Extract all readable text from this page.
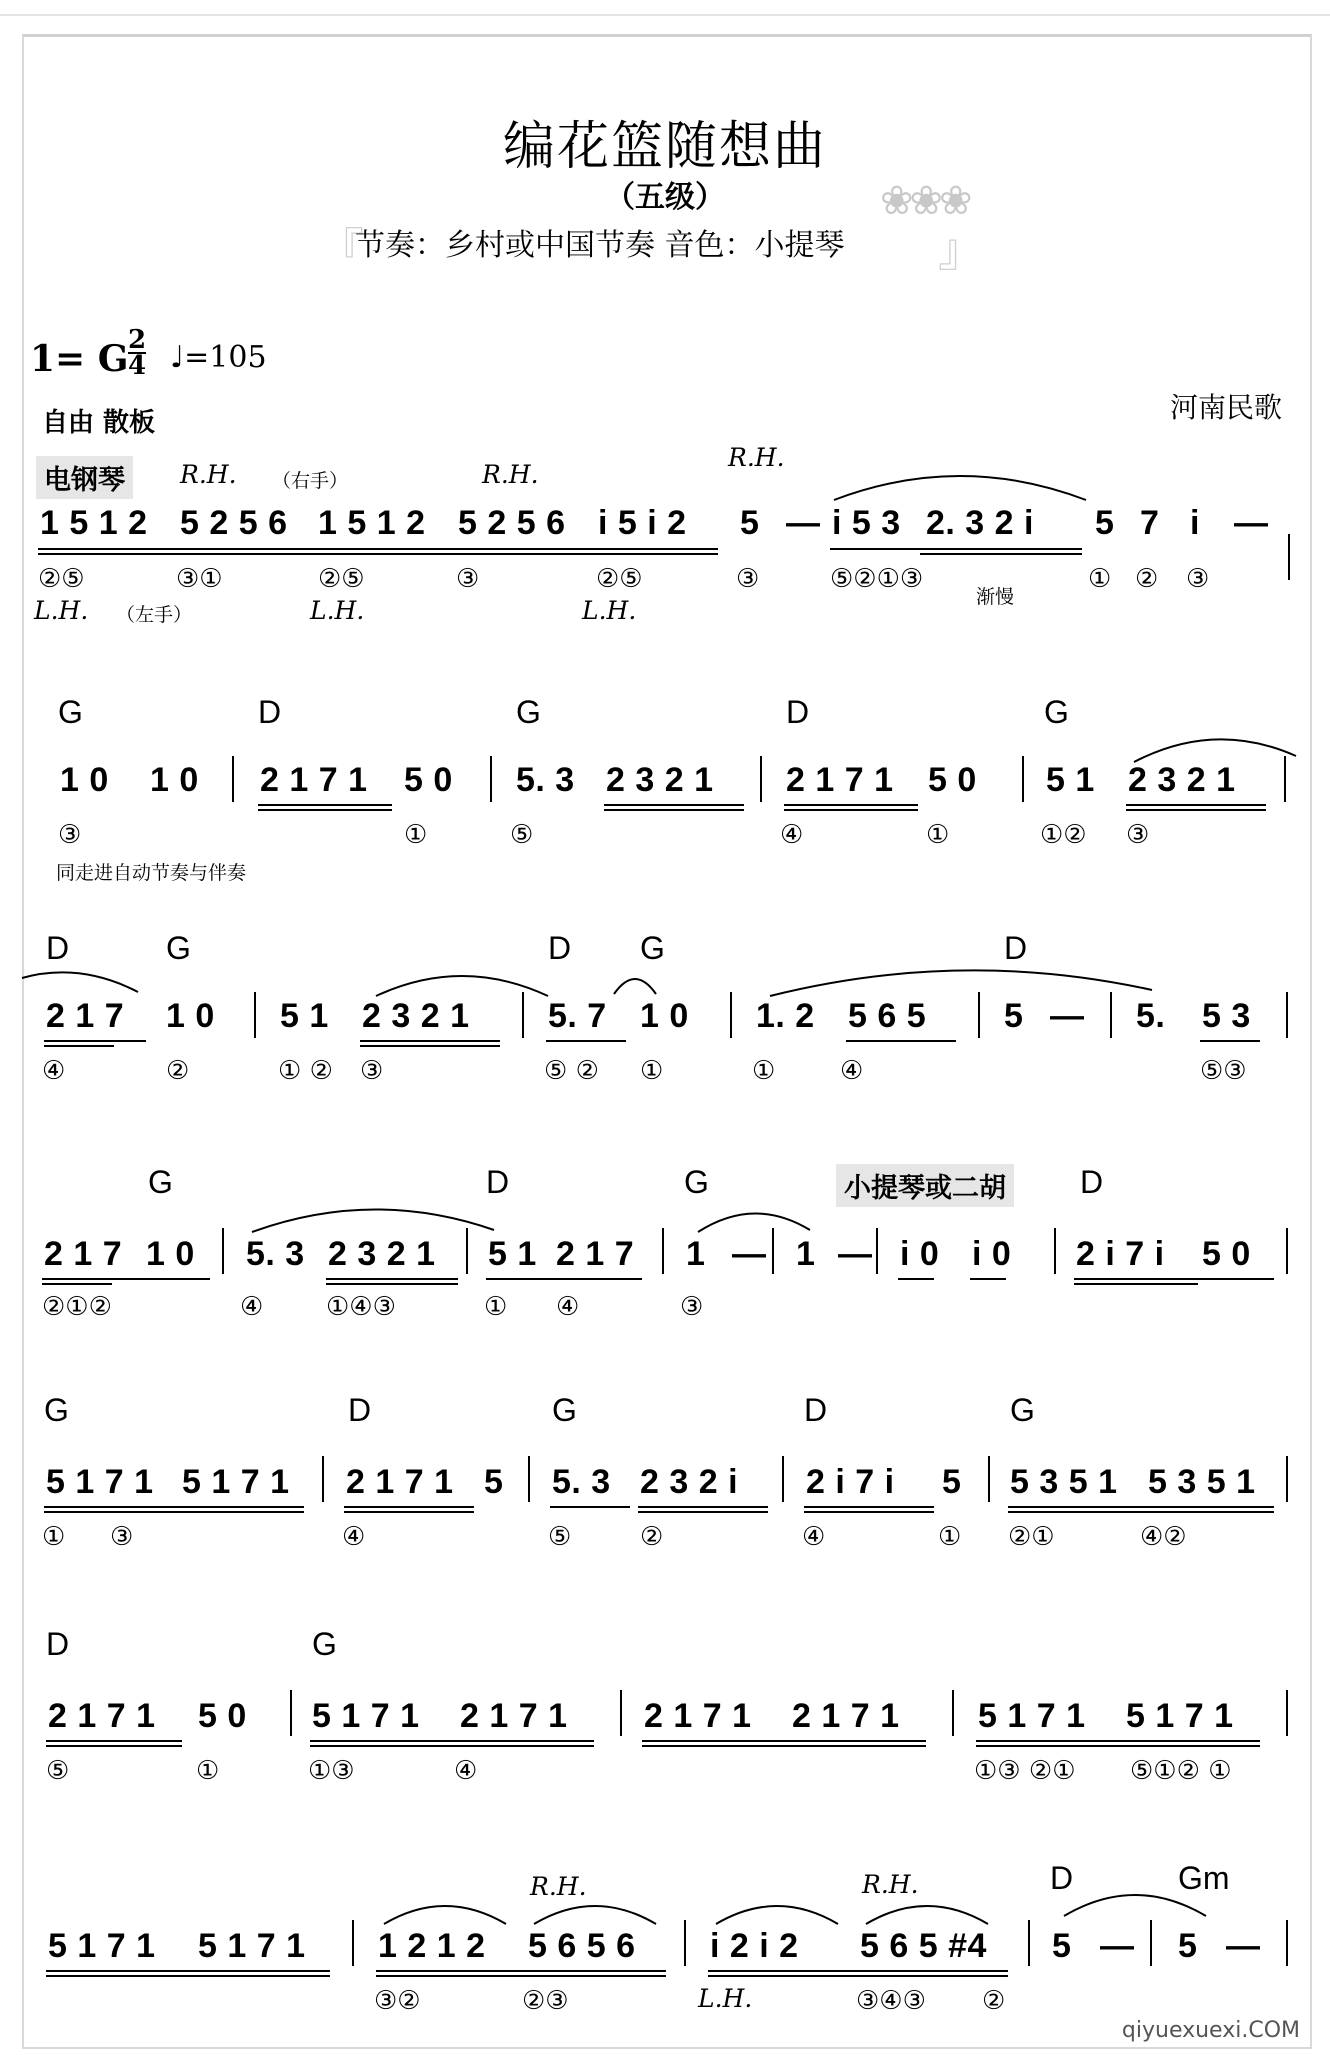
编花篮随想曲
（五级）	❀❀❀
『
节奏：乡村或中国节奏 音色：小提琴 』
1= G 2
4 ♩=105
河南民歌
自由 散板
电钢琴	R.H. （右手）	R.H.
R.H.
1 5 1 2 5 2 5 6 1 5 1 2 5 2 5 6 i 5 i 2 5 — i 5 3 2. 3 2 i 5 7 i —
②⑤	③①	②⑤	③	②⑤	③	⑤②①③
渐慢
① ② ③
L.H. （左手）	L.H.	L.H.
G	D	G	D	G
1 0 1 0 2 1 7 1 5 0 5. 3 2 3 2 1 2 1 7 1 5 0 5 1 2 3 2 1
③	①	⑤	④	①	①② ③
同走进自动节奏与伴奏
D	G	D G	D
2 1 7 1 0 5 1 2 3 2 1 5. 7 1 0 1. 2 5 6 5 5 — 5. 5 3
④	②	① ② ③	⑤ ② ①	① ④	⑤③
G	D	G	小提琴或二胡 D
2 1 7 1 0 5. 3 2 3 2 1 5 1 2 1 7 1 — 1 — i 0 i 0 2 i 7 i 5 0
②①②	④ ①④③	① ④	③
G	D	G	D	G
5 1 7 1 5 1 7 1 2 1 7 1 5 5. 3 2 3 2 i 2 i 7 i 5 5 3 5 1 5 3 5 1
① ③	④	⑤	②	④	① ②①	④②
D	G
2 1 7 1 5 0 5 1 7 1 2 1 7 1 2 1 7 1 2 1 7 1 5 1 7 1 5 1 7 1
⑤	①	①③	④	①③ ②① ⑤①② ①
R.H.	R.H.	D	Gm
5 1 7 1 5 1 7 1 1 2 1 2 5 6 5 6 i 2 i 2 5 6 5 #4 5 — 5 —
③②	②③	L.H.	③④③ ②
qiyuexuexi.COM
